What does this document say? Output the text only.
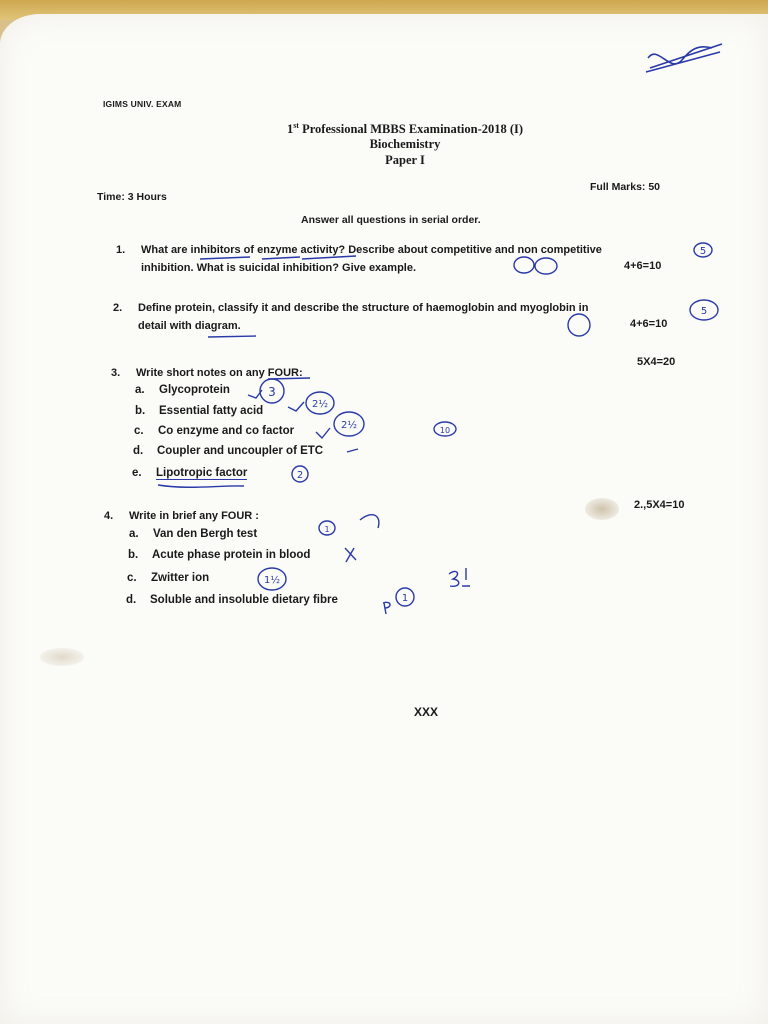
IGIMS UNIV. EXAM
1st Professional MBBS Examination-2018 (I)
Biochemistry
Paper I
Time: 3 Hours
Full Marks: 50
Answer all questions in serial order.
1. What are inhibitors of enzyme activity? Describe about competitive and non competitive
inhibition. What is suicidal inhibition? Give example.	4+6=10
2. Define protein, classify it and describe the structure of haemoglobin and myoglobin in
detail with diagram.	4+6=10
3. Write short notes on any FOUR:
5X4=20
a. Glycoprotein
b. Essential fatty acid
c. Co enzyme and co factor
d. Coupler and uncoupler of ETC
e. Lipotropic factor
4. Write in brief any FOUR :
2.,5X4=10
a. Van den Bergh test
b. Acute phase protein in blood
c. Zwitter ion
d. Soluble and insoluble dietary fibre
XXX
5
5
3
2½
2½
2
10
1
1½
1
